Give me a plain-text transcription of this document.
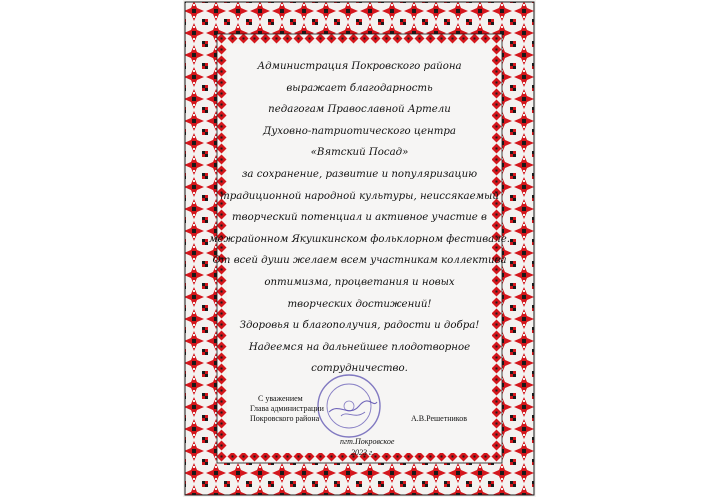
Администрация Покровского района
выражает благодарность
педагогам Православной Артели
Духовно-патриотического центра
«Вятский Посад»
за сохранение, развитие и популяризацию
традиционной народной культуры, неиссякаемый
творческий потенциал и активное участие в
межрайонном Якушкинском фольклорном фестивале.
От всей души желаем всем участникам коллектива
оптимизма, процветания и новых
творческих достижений!
Здоровья и благополучия, радости и добра!
Надеемся на дальнейшее плодотворное
сотрудничество.
С уважением
Глава администрации
Покровского района	А.В.Решетников
пгт.Покровское
2023 г.
